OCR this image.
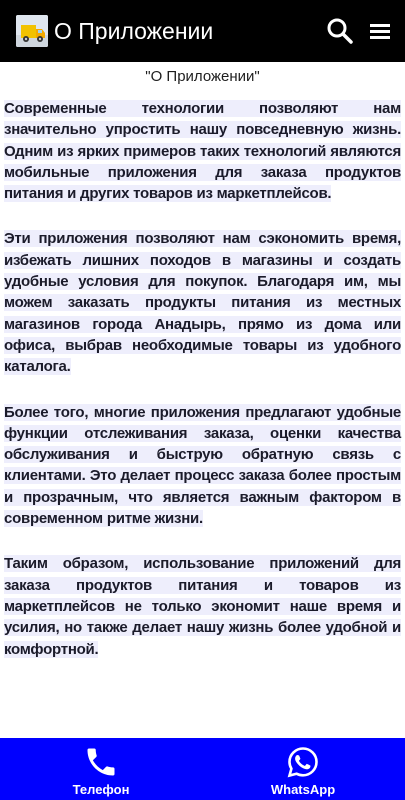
О Приложении
"О Приложении"

Современные технологии позволяют нам значительно упростить нашу повседневную жизнь. Одним из ярких примеров таких технологий являются мобильные приложения для заказа продуктов питания и других товаров из маркетплейсов.

Эти приложения позволяют нам сэкономить время, избежать лишних походов в магазины и создать удобные условия для покупок. Благодаря им, мы можем заказать продукты питания из местных магазинов города Анадырь, прямо из дома или офиса, выбрав необходимые товары из удобного каталога.

Более того, многие приложения предлагают удобные функции отслеживания заказа, оценки качества обслуживания и быструю обратную связь с клиентами. Это делает процесс заказа более простым и прозрачным, что является важным фактором в современном ритме жизни.

Таким образом, использование приложений для заказа продуктов питания и товаров из маркетплейсов не только экономит наше время и усилия, но также делает нашу жизнь более удобной и комфортной.

Телефон	WhatsApp
